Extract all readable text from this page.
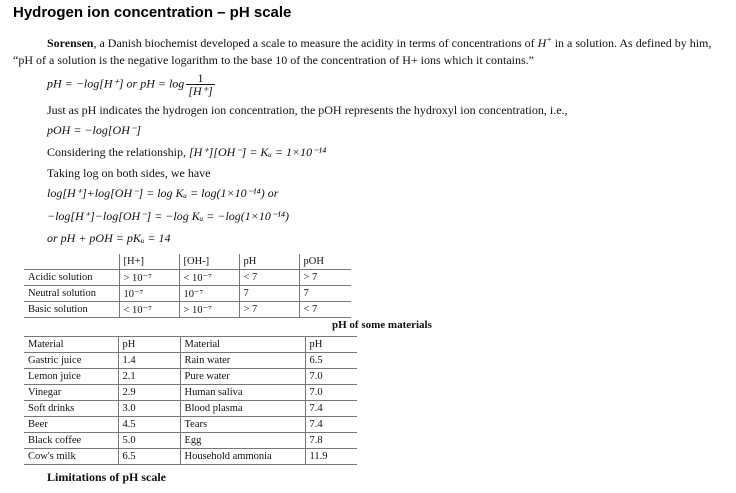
Hydrogen ion concentration – pH scale
Sorensen, a Danish biochemist developed a scale to measure the acidity in terms of concentrations of H+ in a solution. As defined by him, “pH of a solution is the negative logarithm to the base 10 of the concentration of H+ ions which it contains.”
pH = −log[H⁺] or pH = $\log \frac{1}{[H^+]}$
Just as pH indicates the hydrogen ion concentration, the pOH represents the hydroxyl ion concentration, i.e.,
pOH = −log[OH⁻]
Considering the relationship, [H⁺][OH⁻] = Kᵤ = 1×10⁻¹⁴
Taking log on both sides, we have
log[H⁺]+log[OH⁻] = log Kᵤ = log(1×10⁻¹⁴) or
−log[H⁺]−log[OH⁻] = −log Kᵤ = −log(1×10⁻¹⁴)
or pH + pOH = pKᵤ = 14
	[H+]	[OH-]	pH	pOH
Acidic solution	> 10⁻⁷	< 10⁻⁷	< 7	> 7
Neutral solution	10⁻⁷	10⁻⁷	7	7
Basic solution	< 10⁻⁷	> 10⁻⁷	> 7	< 7
pH of some materials
Material	pH	Material	pH
Gastric juice	1.4	Rain water	6.5
Lemon juice	2.1	Pure water	7.0
Vinegar	2.9	Human saliva	7.0
Soft drinks	3.0	Blood plasma	7.4
Beer	4.5	Tears	7.4
Black coffee	5.0	Egg	7.8
Cow's milk	6.5	Household ammonia	11.9
Limitations of pH scale
